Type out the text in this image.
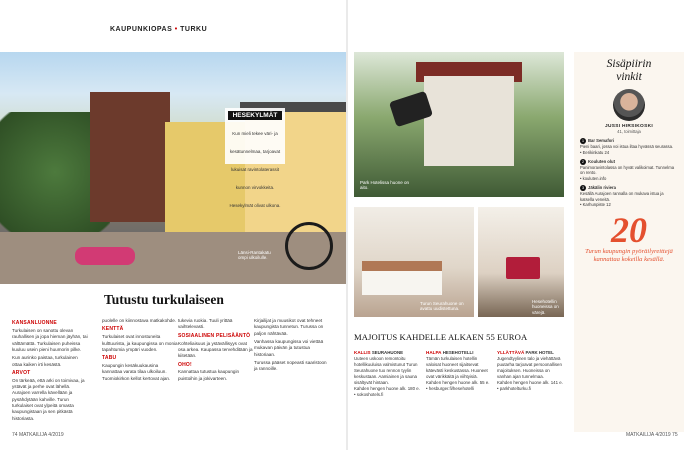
KAUPUNKIOPAS • TURKU
HESEKYLMÄT
Kun mieli tekee väri- ja kesätunnelmaa, tarjoavat lukuisat ravintolaterassit kunnon virvokkeita. Hesekylmät olivat ulkona.
Länsi-Rantakatu ompi ulkoilulle.
Tutustu turkulaiseen
KANSANLUONNE

Turkulaisen on sanottu olevan rauhallisen ja jopa hieman jäyhän, tai välttämättä. Turkulaisen puheissa kuuluu usein pieni huumorin pilke.

Kun aurinko paistaa, turkulainen ottaa kaiken irti kesästä.

ARVOT

On tärkeää, että arki on toimivaa, ja ystävät ja perhe ovat lähellä. Aurajoen varrella kävellään ja pysähdytään kahville. Turun turkulaiset ovat ylpeitä omasta kaupungistaan ja sen pitkästä historiasta.

puolelle on kiinnostava matkakohde.

KENTTÄ

Turkulaiset ovat innostuneita kulttuurista, ja kaupungissa on monia tapahtumia ympäri vuoden.

TABU

Kaupungin kesäkuukausina kannattaa varata tilaa ulkoiluun. Tuomiokirkon kellot kertovat ajan.

tukevia ruokia. Tuuli yrittää vaihtelevasti.

SOSIAALINEN PELISÄÄNTÖ

Kohteliaisuus ja ystävällisyys ovat osa arkea. Kaupassa tervehditään ja kiitetään.

OHO!

Kannattaa tutustua kaupungin puistoihin ja jokivarteen.

Kirjailijat ja muusikot ovat tehneet kaupungista tunnetun. Turussa on paljon nähtävää.

Vanhassa kaupungissa voi viettää mukavan päivän ja tutustua historiaan.

Turussa pääset nopeasti saaristoon ja rannoille.

74 MATKAILIJA 4/2019
Park Hotelissa huone on aito.
Turun Seurahuone on avattu uudistettuna.
Hesehotellin huoneissa on värejä.
MAJOITUS KAHDELLE ALKAEN 55 EUROA
KALLIS SEURAHUONE
Uuteen uskoon remontoitu hotellikuuluisa valmistunut Turun Seurahuone tuo rennon tyylin keskustaan. Aamiainen ja sauna sisältyvät hintaan.
Kahden hengen huone alk. 180 e.
• sokoshotels.fi
HALPA HESEHOTELLI
Tämän turkulaisen hotellin valoisat huoneet sijaitsevat kätevästi keskustassa. Huoneet ovat värikkäitä ja viihtyisiä.
Kahden hengen huone alk. 55 e.
• hesburger.fi/hesehotelli
YLLÄTTÄVÄ PARK HOTEL
Jugendtyylinen talo ja viehättävä puutarha tarjoavat persoonallisen majoituksen. Huoneissa on vanhan ajan tunnelmaa.
Kahden hengen huone alk. 141 e.
• parkhotelturku.fi
Sisäpiirin
vinkit
JUSSI HIRSIKOSKI
41, toimittaja
1 Bar Semafori
Pieni baari, jossa voi istua iltaa hyvässä seurassa.
• Eerikinkatu 24
2 Kouluten olut
Panimoravintolassa on hyvät valikoimat. Tunnelma on rento.
• kouluten.info
3 Jäkälin riviera
Kesällä Aurajoen rannalla on mukava istua ja katsella veneitä.
• Karhunpiste 12
20
Turun kaupungin pyöräilyreittejä kannattaa kokeilla kesällä.
MATKAILIJA 4/2019 75
